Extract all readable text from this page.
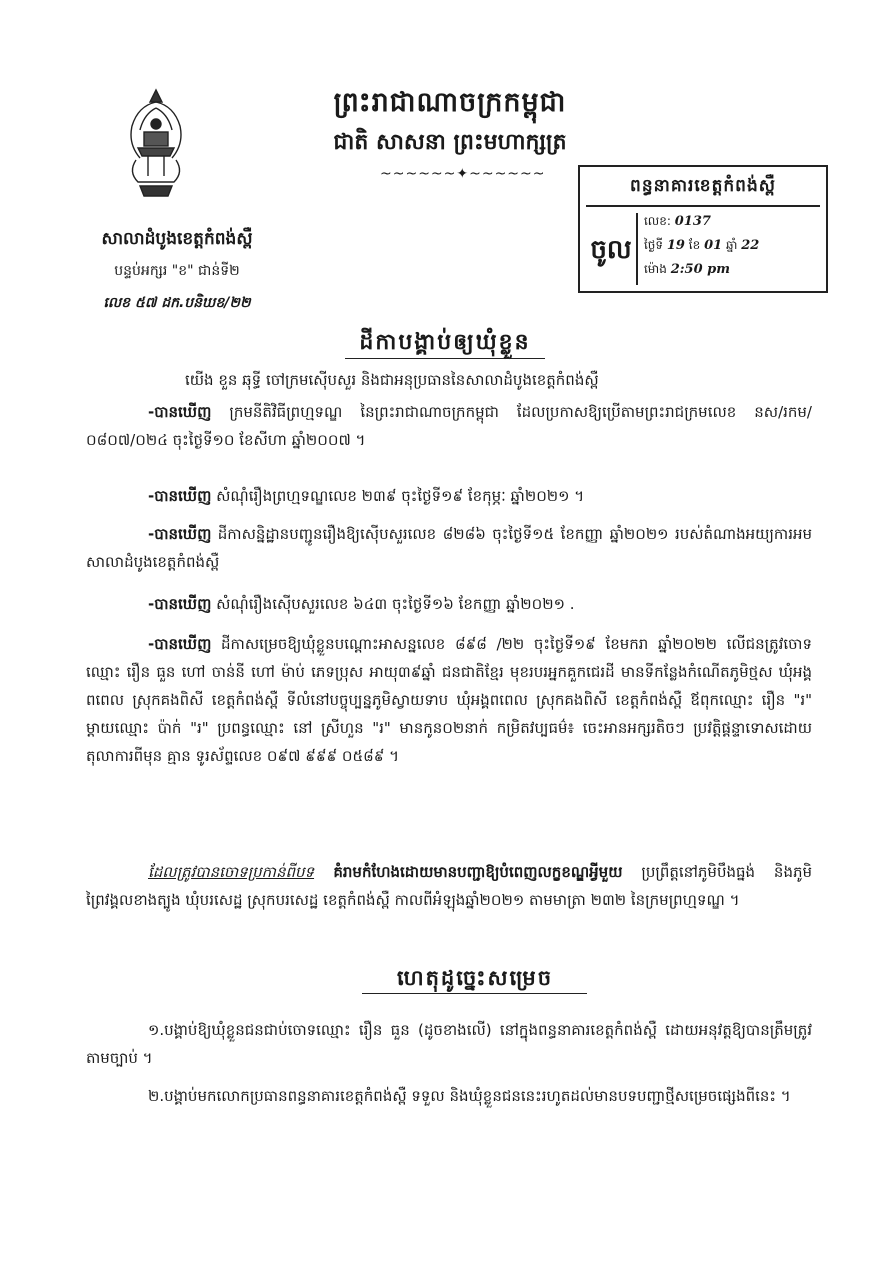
ព្រះរាជាណាចក្រកម្ពុជា
ជាតិ សាសនា ព្រះមហាក្សត្រ
~~~~~~✦~~~~~~
សាលាដំបូងខេត្តកំពង់ស្ពឺ
បន្ទប់អក្សរ "ខ" ជាន់ទី២
លេខ ៥៧ ដក.បនិឃខ/២២
ពន្ធនាគារខេត្តកំពង់ស្ពឺ
ចូល
លេខ: 0137
ថ្ងៃទី 19 ខែ 01 ឆ្នាំ 22
ម៉ោង 2:50 pm
ដីកាបង្គាប់ឲ្យឃុំខ្លួន
យើង ខួន ឆុទ្ធី ចៅក្រមស៊ើបសួរ និងជាអនុប្រធាននៃសាលាដំបូងខេត្តកំពង់ស្ពឺ
-បានឃើញ ក្រមនីតិវិធីព្រហ្មទណ្ឌ នៃព្រះរាជាណាចក្រកម្ពុជា ដែលប្រកាសឱ្យប្រើតាមព្រះរាជក្រមលេខ នស/រកម/០៨០៧/០២៤ ចុះថ្ងៃទី១០ ខែសីហា ឆ្នាំ២០០៧ ។
-បានឃើញ សំណុំរឿងព្រហ្មទណ្ឌលេខ ២៣៩ ចុះថ្ងៃទី១៩ ខែកុម្ភៈ ឆ្នាំ២០២១ ។
-បានឃើញ ដីកាសន្និដ្ឋានបញ្ជូនរឿងឱ្យស៊ើបសួរលេខ ៨២៨៦ ចុះថ្ងៃទី១៥ ខែកញ្ញា ឆ្នាំ២០២១ របស់តំណាងអយ្យការអមសាលាដំបូងខេត្តកំពង់ស្ពឺ
-បានឃើញ សំណុំរឿងស៊ើបសួរលេខ ៦៤៣ ចុះថ្ងៃទី១៦ ខែកញ្ញា ឆ្នាំ២០២១ .
-បានឃើញ ដីកាសម្រេចឱ្យឃុំខ្លួនបណ្តោះអាសន្នលេខ ៨៩៨ /២២ ចុះថ្ងៃទី១៩ ខែមករា ឆ្នាំ២០២២ លើជនត្រូវចោទឈ្មោះ រឿន ធួន ហៅ ចាន់នី ហៅ ម៉ាប់ ភេទប្រុស អាយុ៣៩ឆ្នាំ ជនជាតិខ្មែរ មុខរបរអ្នកគួកជេរដី មានទីកន្លែងកំណើតភូមិថ្មស ឃុំអង្គពពេល ស្រុកគងពិសី ខេត្តកំពង់ស្ពឺ ទីលំនៅបច្ចុប្បន្នភូមិស្វាយទាប ឃុំអង្គពពេល ស្រុកគងពិសី ខេត្តកំពង់ស្ពឺ ឪពុកឈ្មោះ រឿន "រ" ម្តាយឈ្មោះ ប៉ាក់ "រ" ប្រពន្ធឈ្មោះ នៅ ស្រីហួន "រ" មានកូន០២នាក់ កម្រិតវប្បធម៌៖ ចេះអានអក្សរតិចៗ ប្រវត្តិផ្តន្ទាទោសដោយតុលាការពីមុន គ្មាន ទូរស័ព្ទលេខ ០៩៧ ៩៩៩ ០៥៨៩ ។
ដែលត្រូវបានចោទប្រកាន់ពីបទ គំរាមកំហែងដោយមានបញ្ជាឱ្យបំពេញលក្ខខណ្ឌអ្វីមួយ ប្រព្រឹត្តនៅភូមិបឹងធ្នង់ និងភូមិព្រៃវង្គលខាងត្បូង ឃុំបរសេដ្ឋ ស្រុកបរសេដ្ឋ ខេត្តកំពង់ស្ពឺ កាលពីអំឡុងឆ្នាំ២០២១ តាមមាត្រា ២៣២ នៃក្រមព្រហ្មទណ្ឌ ។
ហេតុដូច្នេះសម្រេច
១.បង្គាប់ឱ្យឃុំខ្លួនជនជាប់ចោទឈ្មោះ រឿន ធួន (ដូចខាងលើ) នៅក្នុងពន្ធនាគារខេត្តកំពង់ស្ពឺ ដោយអនុវត្តឱ្យបានត្រឹមត្រូវតាមច្បាប់ ។
២.បង្គាប់មកលោកប្រធានពន្ធនាគារខេត្តកំពង់ស្ពឺ ទទួល និងឃុំខ្លួនជននេះរហូតដល់មានបទបញ្ជាថ្មីសម្រេចផ្សេងពីនេះ ។
